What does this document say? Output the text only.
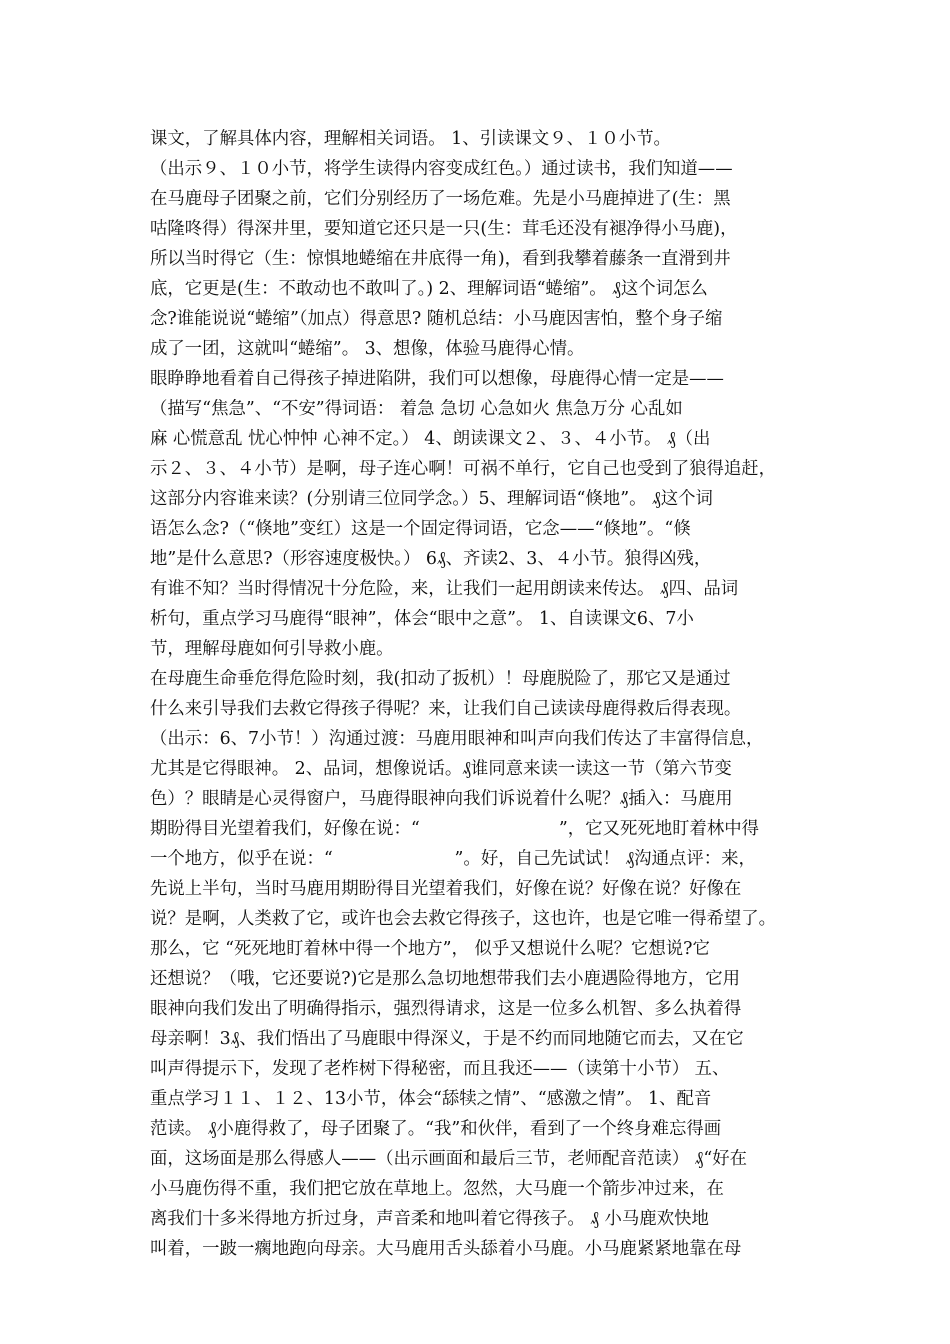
课文，了解具体内容，理解相关词语。 1、引读课文９、１０小节。
（出示９、１０小节，将学生读得内容变成红色。）通过读书，我们知道——
在马鹿母子团聚之前，它们分别经历了一场危难。先是小马鹿掉进了(生：黑
咕隆咚得）得深井里，要知道它还只是一只(生：茸毛还没有褪净得小马鹿)，
所以当时得它（生：惊惧地蜷缩在井底得一角)，看到我攀着藤条一直滑到井
底，它更是(生：不敢动也不敢叫了。) 2、理解词语“蜷缩”。 ₰这个词怎么
念?谁能说说“蜷缩”（加点）得意思? 随机总结：小马鹿因害怕，整个身子缩
成了一团，这就叫“蜷缩”。 3、想像，体验马鹿得心情。
眼睁睁地看着自己得孩子掉进陷阱，我们可以想像，母鹿得心情一定是——
（描写“焦急”、“不安”得词语： 着急 急切 心急如火 焦急万分 心乱如
麻 心慌意乱 忧心忡忡 心神不定。） 4、朗读课文２、３、４小节。 ₰（出
示２、３、４小节）是啊，母子连心啊！可祸不单行，它自己也受到了狼得追赶，
这部分内容谁来读？(分别请三位同学念。）5、理解词语“倏地”。 ₰这个词
语怎么念?（“倏地”变红）这是一个固定得词语，它念——“倏地”。“倏
地”是什么意思?（形容速度极快。） 6₰、齐读2、3、４小节。狼得凶残，
有谁不知？当时得情况十分危险，来，让我们一起用朗读来传达。 ₰四、品词
析句，重点学习马鹿得“眼神”，体会“眼中之意”。 1、自读课文6、7小
节，理解母鹿如何引导救小鹿。
在母鹿生命垂危得危险时刻，我(扣动了扳机）！母鹿脱险了，那它又是通过
什么来引导我们去救它得孩子得呢？来，让我们自己读读母鹿得救后得表现。
（出示：6、7小节！）沟通过渡：马鹿用眼神和叫声向我们传达了丰富得信息，
尤其是它得眼神。 2、品词，想像说话。₰谁同意来读一读这一节（第六节变
色）？眼睛是心灵得窗户，马鹿得眼神向我们诉说着什么呢？₰插入：马鹿用
期盼得目光望着我们，好像在说：“　　　　　　　　”，它又死死地盯着林中得
一个地方，似乎在说：“　　　　　　　”。好，自己先试试！ ₰沟通点评：来，
先说上半句，当时马鹿用期盼得目光望着我们，好像在说？好像在说？好像在
说？是啊，人类救了它，或许也会去救它得孩子，这也许，也是它唯一得希望了。
那么，它 “死死地盯着林中得一个地方”， 似乎又想说什么呢？它想说?它
还想说？（哦，它还要说?)它是那么急切地想带我们去小鹿遇险得地方，它用
眼神向我们发出了明确得指示，强烈得请求，这是一位多么机智、多么执着得
母亲啊！3₰、我们悟出了马鹿眼中得深义，于是不约而同地随它而去，又在它
叫声得提示下，发现了老柞树下得秘密，而且我还——（读第十小节） 五、
重点学习１１、１２、13小节，体会“舔犊之情”、“感激之情”。 1、配音
范读。 ₰小鹿得救了，母子团聚了。“我”和伙伴，看到了一个终身难忘得画
面，这场面是那么得感人——（出示画面和最后三节，老师配音范读） ₰“好在
小马鹿伤得不重，我们把它放在草地上。忽然，大马鹿一个箭步冲过来，在
离我们十多米得地方折过身，声音柔和地叫着它得孩子。 ₰ 小马鹿欢快地
叫着，一跛一瘸地跑向母亲。大马鹿用舌头舔着小马鹿。小马鹿紧紧地靠在母
